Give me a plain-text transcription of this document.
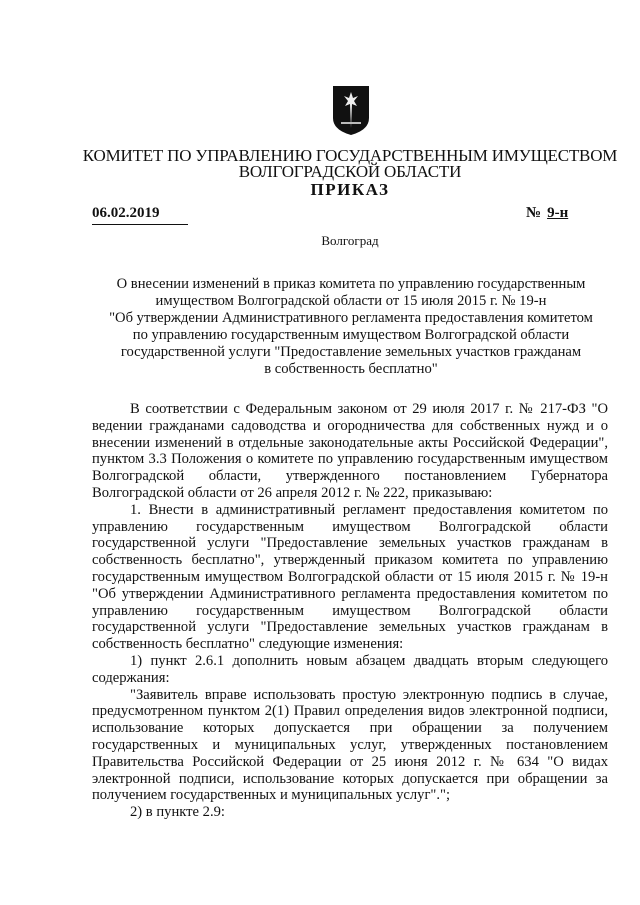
КОМИТЕТ ПО УПРАВЛЕНИЮ ГОСУДАРСТВЕННЫМ ИМУЩЕСТВОМ
ВОЛГОГРАДСКОЙ ОБЛАСТИ
ПРИКАЗ
06.02.2019	№ 9-н
Волгоград
О внесении изменений в приказ комитета по управлению государственным
имуществом Волгоградской области от 15 июля 2015 г. № 19-н
"Об утверждении Административного регламента предоставления комитетом
по управлению государственным имуществом Волгоградской области
государственной услуги "Предоставление земельных участков гражданам
в собственность бесплатно"

В соответствии с Федеральным законом от 29 июля 2017 г. № 217-ФЗ "О ведении гражданами садоводства и огородничества для собственных нужд и о внесении изменений в отдельные законодательные акты Российской Федерации", пунктом 3.3 Положения о комитете по управлению государственным имуществом Волгоградской области, утвержденного постановлением Губернатора Волгоградской области от 26 апреля 2012 г. № 222, приказываю:

1. Внести в административный регламент предоставления комитетом по управлению государственным имуществом Волгоградской области государственной услуги "Предоставление земельных участков гражданам в собственность бесплатно", утвержденный приказом комитета по управлению государственным имуществом Волгоградской области от 15 июля 2015 г. № 19-н "Об утверждении Административного регламента предоставления комитетом по управлению государственным имуществом Волгоградской области государственной услуги "Предоставление земельных участков гражданам в собственность бесплатно" следующие изменения:

1) пункт 2.6.1 дополнить новым абзацем двадцать вторым следующего содержания:

"Заявитель вправе использовать простую электронную подпись в случае, предусмотренном пунктом 2(1) Правил определения видов электронной подписи, использование которых допускается при обращении за получением государственных и муниципальных услуг, утвержденных постановлением Правительства Российской Федерации от 25 июня 2012 г. № 634 "О видах электронной подписи, использование которых допускается при обращении за получением государственных и муниципальных услуг".";

2) в пункте 2.9:
